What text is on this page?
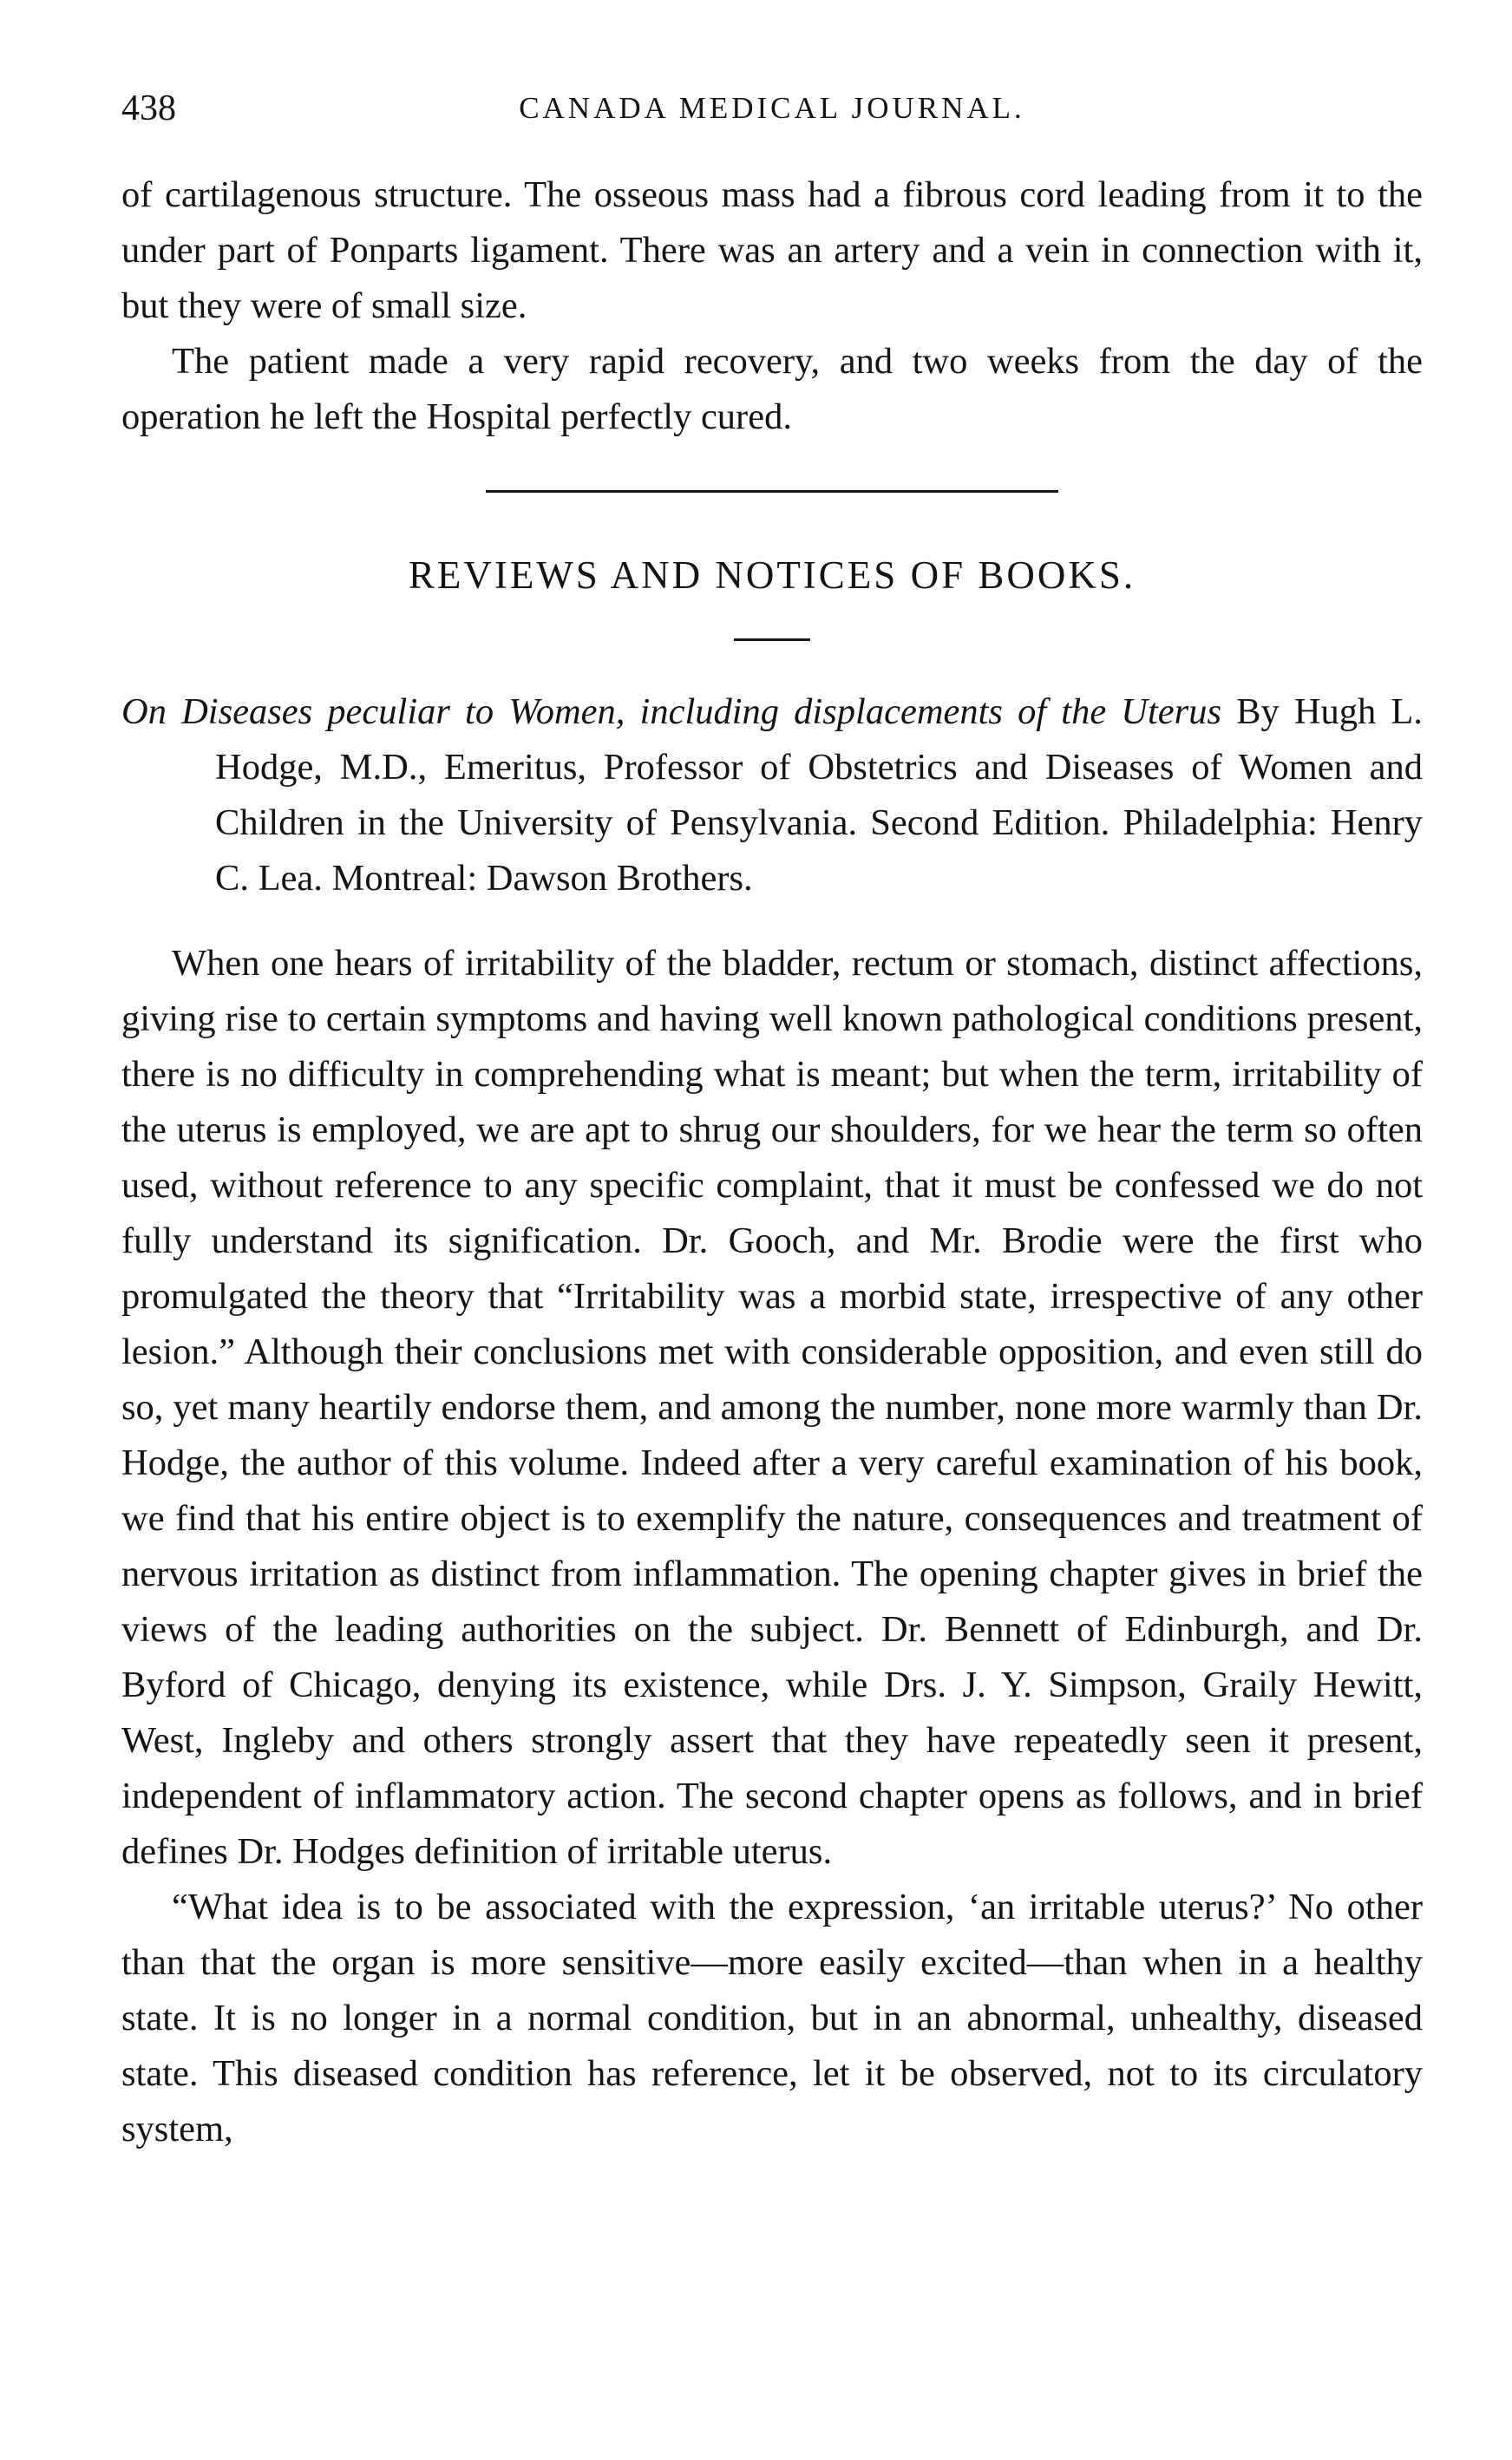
438	CANADA MEDICAL JOURNAL.

of cartilagenous structure. The osseous mass had a fibrous cord leading from it to the under part of Ponparts ligament. There was an artery and a vein in connection with it, but they were of small size.

The patient made a very rapid recovery, and two weeks from the day of the operation he left the Hospital perfectly cured.

REVIEWS AND NOTICES OF BOOKS.
On Diseases peculiar to Women, including displacements of the Uterus By Hugh L. Hodge, M.D., Emeritus, Professor of Obstetrics and Diseases of Women and Children in the University of Pensylvania. Second Edition. Philadelphia: Henry C. Lea. Montreal: Dawson Brothers.

When one hears of irritability of the bladder, rectum or stomach, distinct affections, giving rise to certain symptoms and having well known pathological conditions present, there is no difficulty in comprehending what is meant; but when the term, irritability of the uterus is employed, we are apt to shrug our shoulders, for we hear the term so often used, without reference to any specific complaint, that it must be confessed we do not fully understand its signification. Dr. Gooch, and Mr. Brodie were the first who promulgated the theory that “Irritability was a morbid state, irrespective of any other lesion.” Although their conclusions met with considerable opposition, and even still do so, yet many heartily endorse them, and among the number, none more warmly than Dr. Hodge, the author of this volume. Indeed after a very careful examination of his book, we find that his entire object is to exemplify the nature, consequences and treatment of nervous irritation as distinct from inflammation. The opening chapter gives in brief the views of the leading authorities on the subject. Dr. Bennett of Edinburgh, and Dr. Byford of Chicago, denying its existence, while Drs. J. Y. Simpson, Graily Hewitt, West, Ingleby and others strongly assert that they have repeatedly seen it present, independent of inflammatory action. The second chapter opens as follows, and in brief defines Dr. Hodges definition of irritable uterus.

“What idea is to be associated with the expression, ‘an irritable uterus?’ No other than that the organ is more sensitive—more easily excited—than when in a healthy state. It is no longer in a normal condition, but in an abnormal, unhealthy, diseased state. This diseased condition has reference, let it be observed, not to its circulatory system,
